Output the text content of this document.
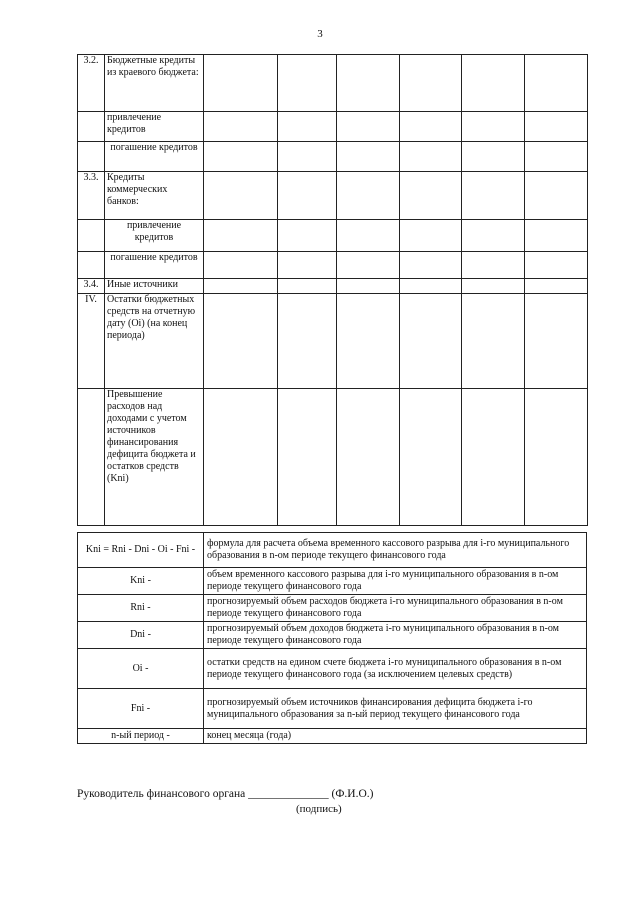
3
3.2.	Бюджетные кредиты из краевого бюджета:						
	привлечение кредитов						
	погашение кредитов						
3.3.	Кредиты коммерческих банков:						
	привлечение кредитов						
	погашение кредитов						
3.4.	Иные источники						
IV.	Остатки бюджетных средств на отчетную дату (Oi) (на конец периода)						
	Превышение расходов над доходами с учетом источников финансирования дефицита бюджета и остатков средств (Kni)						
Kni = Rni - Dni - Oi - Fni -	формула для расчета объема временного кассового разрыва для i-го муниципального образования в n-ом периоде текущего финансового года
Kni -	объем временного кассового разрыва для i-го муниципального образования в n-ом периоде текущего финансового года
Rni -	прогнозируемый объем расходов бюджета i-го муниципального образования в n-ом периоде текущего финансового года
Dni -	прогнозируемый объем доходов бюджета i-го муниципального образования в n-ом периоде текущего финансового года
Oi -	остатки средств на едином счете бюджета i-го муниципального образования в n-ом периоде текущего финансового года (за исключением целевых средств)
Fni -	прогнозируемый объем источников финансирования дефицита бюджета i-го муниципального образования за n-ый период текущего финансового года
n-ый период -	конец месяца (года)
Руководитель финансового органа ______________ (Ф.И.О.)
(подпись)
